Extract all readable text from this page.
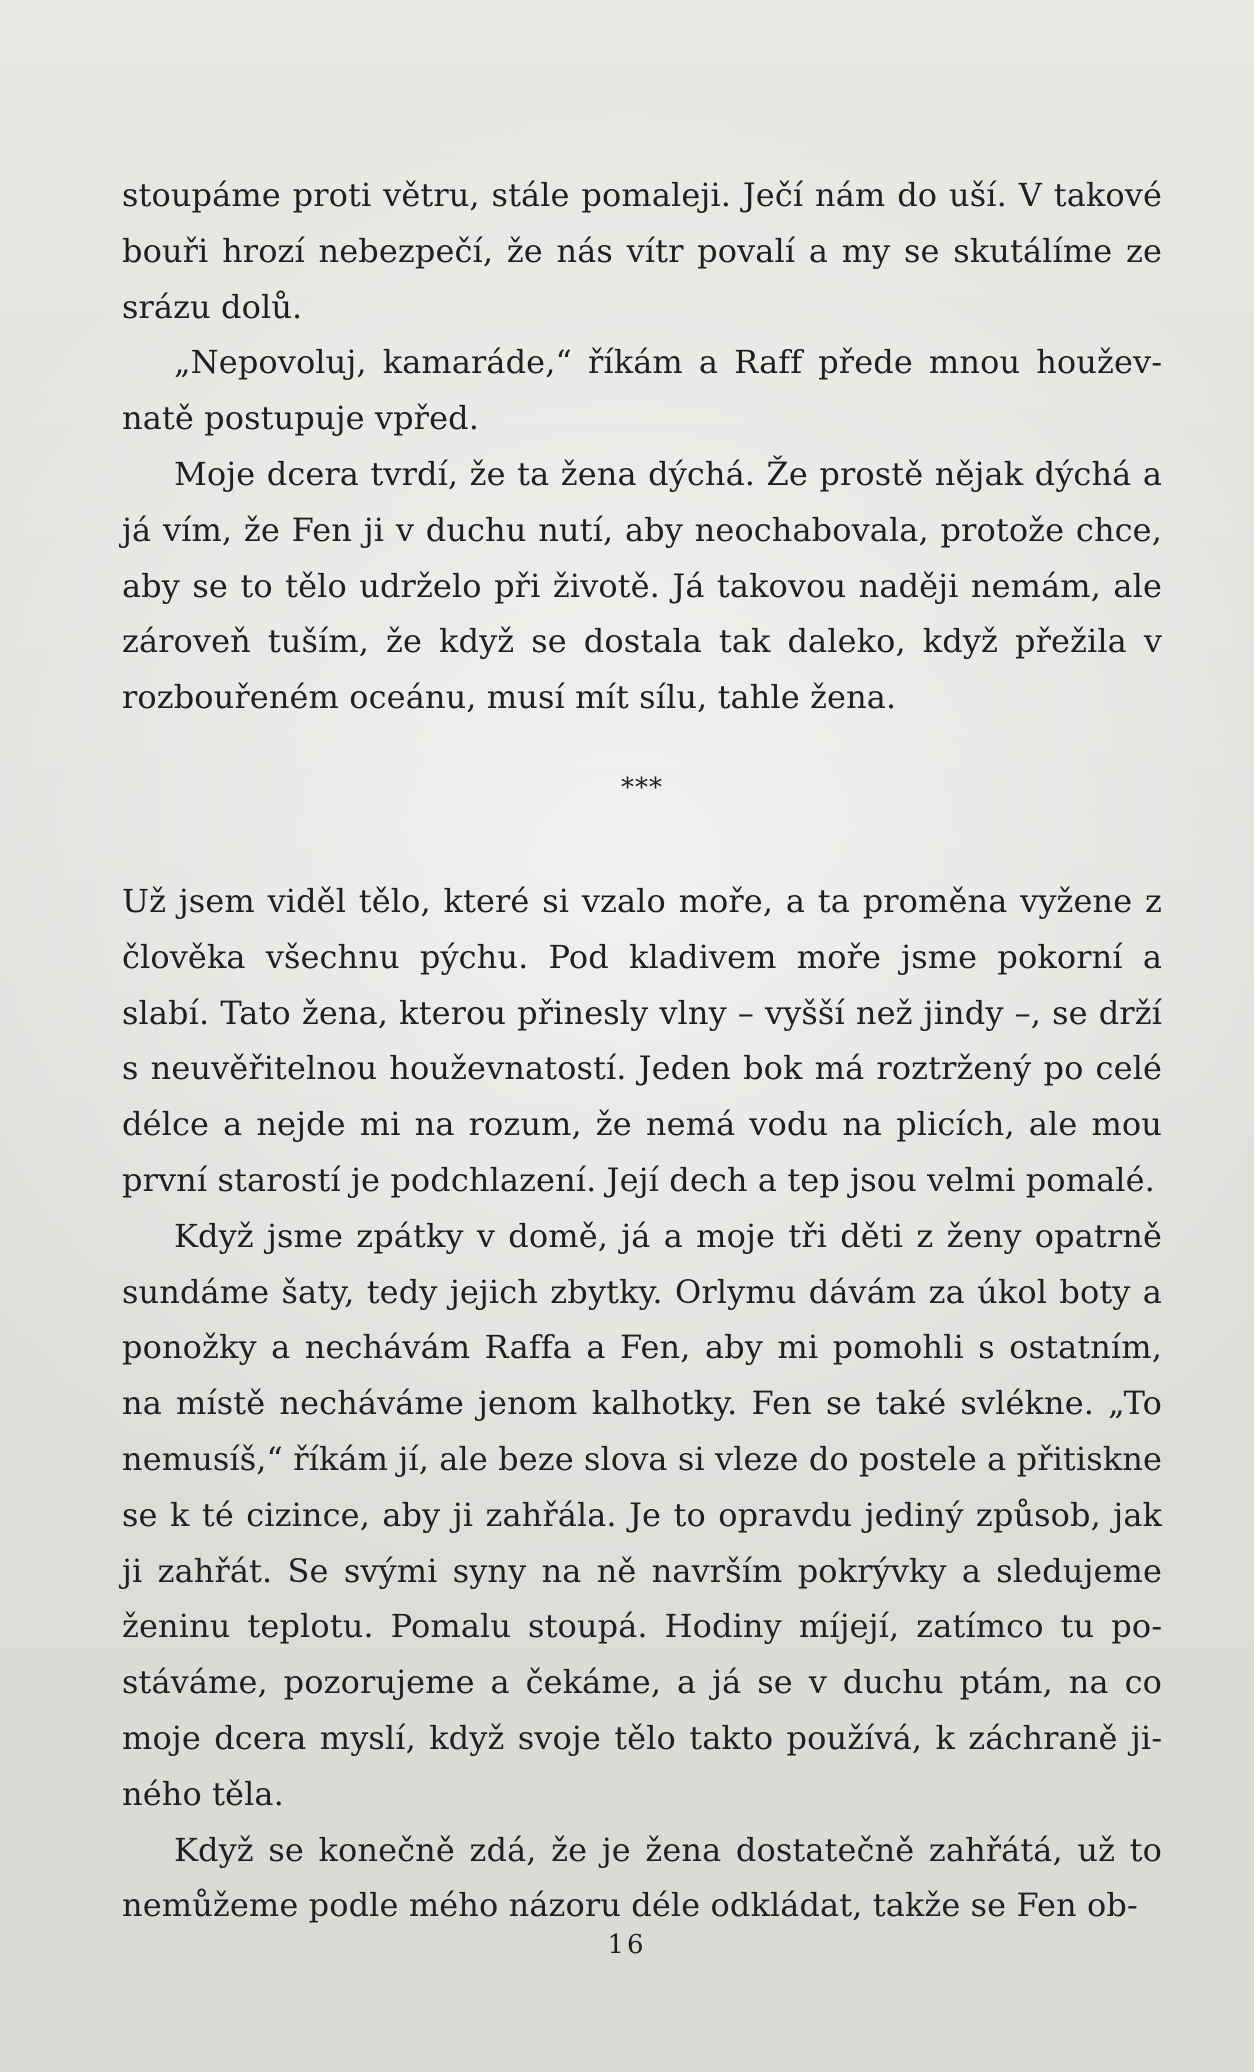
stoupáme proti větru, stále pomaleji. Ječí nám do uší. V takové bouři hrozí nebezpečí, že nás vítr povalí a my se skutálíme ze srázu dolů.

„Nepovoluj, kamaráde,“ říkám a Raff přede mnou houževnatě postupuje vpřed.

Moje dcera tvrdí, že ta žena dýchá. Že prostě nějak dýchá a já vím, že Fen ji v duchu nutí, aby neochabovala, protože chce, aby se to tělo udrželo při životě. Já takovou naději nemám, ale zároveň tuším, že když se dostala tak daleko, když přežila v rozbouřeném oceánu, musí mít sílu, tahle žena.

***

Už jsem viděl tělo, které si vzalo moře, a ta proměna vyžene z člověka všechnu pýchu. Pod kladivem moře jsme pokorní a slabí. Tato žena, kterou přinesly vlny – vyšší než jindy –, se drží s neuvěřitelnou houževnatostí. Jeden bok má roztržený po celé délce a nejde mi na rozum, že nemá vodu na plicích, ale mou první starostí je podchlazení. Její dech a tep jsou velmi pomalé.

Když jsme zpátky v domě, já a moje tři děti z ženy opatrně sundáme šaty, tedy jejich zbytky. Orlymu dávám za úkol boty a ponožky a nechávám Raffa a Fen, aby mi pomohli s ostatním, na místě necháváme jenom kalhotky. Fen se také svlékne. „To nemusíš,“ říkám jí, ale beze slova si vleze do postele a přitiskne se k té cizince, aby ji zahřála. Je to opravdu jediný způsob, jak ji zahřát. Se svými syny na ně navrším pokrývky a sledujeme ženinu teplotu. Pomalu stoupá. Hodiny míjejí, zatímco tu postáváme, pozorujeme a čekáme, a já se v duchu ptám, na co moje dcera myslí, když svoje tělo takto používá, k záchraně jiného těla.

Když se konečně zdá, že je žena dostatečně zahřátá, už to nemůžeme podle mého názoru déle odkládat, takže se Fen ob-

16
